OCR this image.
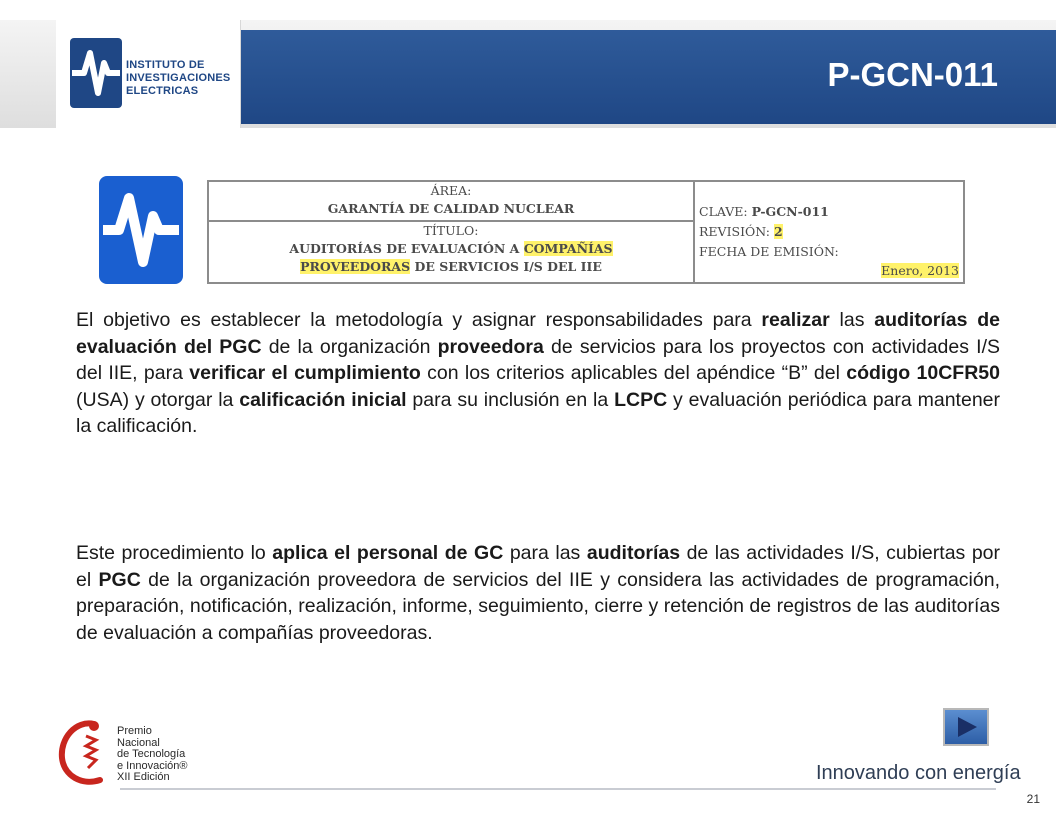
INSTITUTO DE
INVESTIGACIONES
ELECTRICAS	P-GCN-011
ÁREA:
GARANTÍA DE CALIDAD NUCLEAR
TÍTULO:
AUDITORÍAS DE EVALUACIÓN A COMPAÑÍAS
PROVEEDORAS DE SERVICIOS I/S DEL IIE
CLAVE: P-GCN-011
REVISIÓN: 2
FECHA DE EMISIÓN:
Enero, 2013

El objetivo es establecer la metodología y asignar responsabilidades para realizar las auditorías de evaluación del PGC de la organización proveedora de servicios para los proyectos con actividades I/S del IIE, para verificar el cumplimiento con los criterios aplicables del apéndice “B” del código 10CFR50 (USA) y otorgar la calificación inicial para su inclusión en la LCPC y evaluación periódica para mantener la calificación.

Este procedimiento lo aplica el personal de GC para las auditorías de las actividades I/S, cubiertas por el PGC de la organización proveedora de servicios del IIE y considera las actividades de programación, preparación, notificación, realización, informe, seguimiento, cierre y retención de registros de las auditorías de evaluación a compañías proveedoras.

Premio
Nacional
de Tecnología
e Innovación®
XII Edición	Innovando con energía
21
